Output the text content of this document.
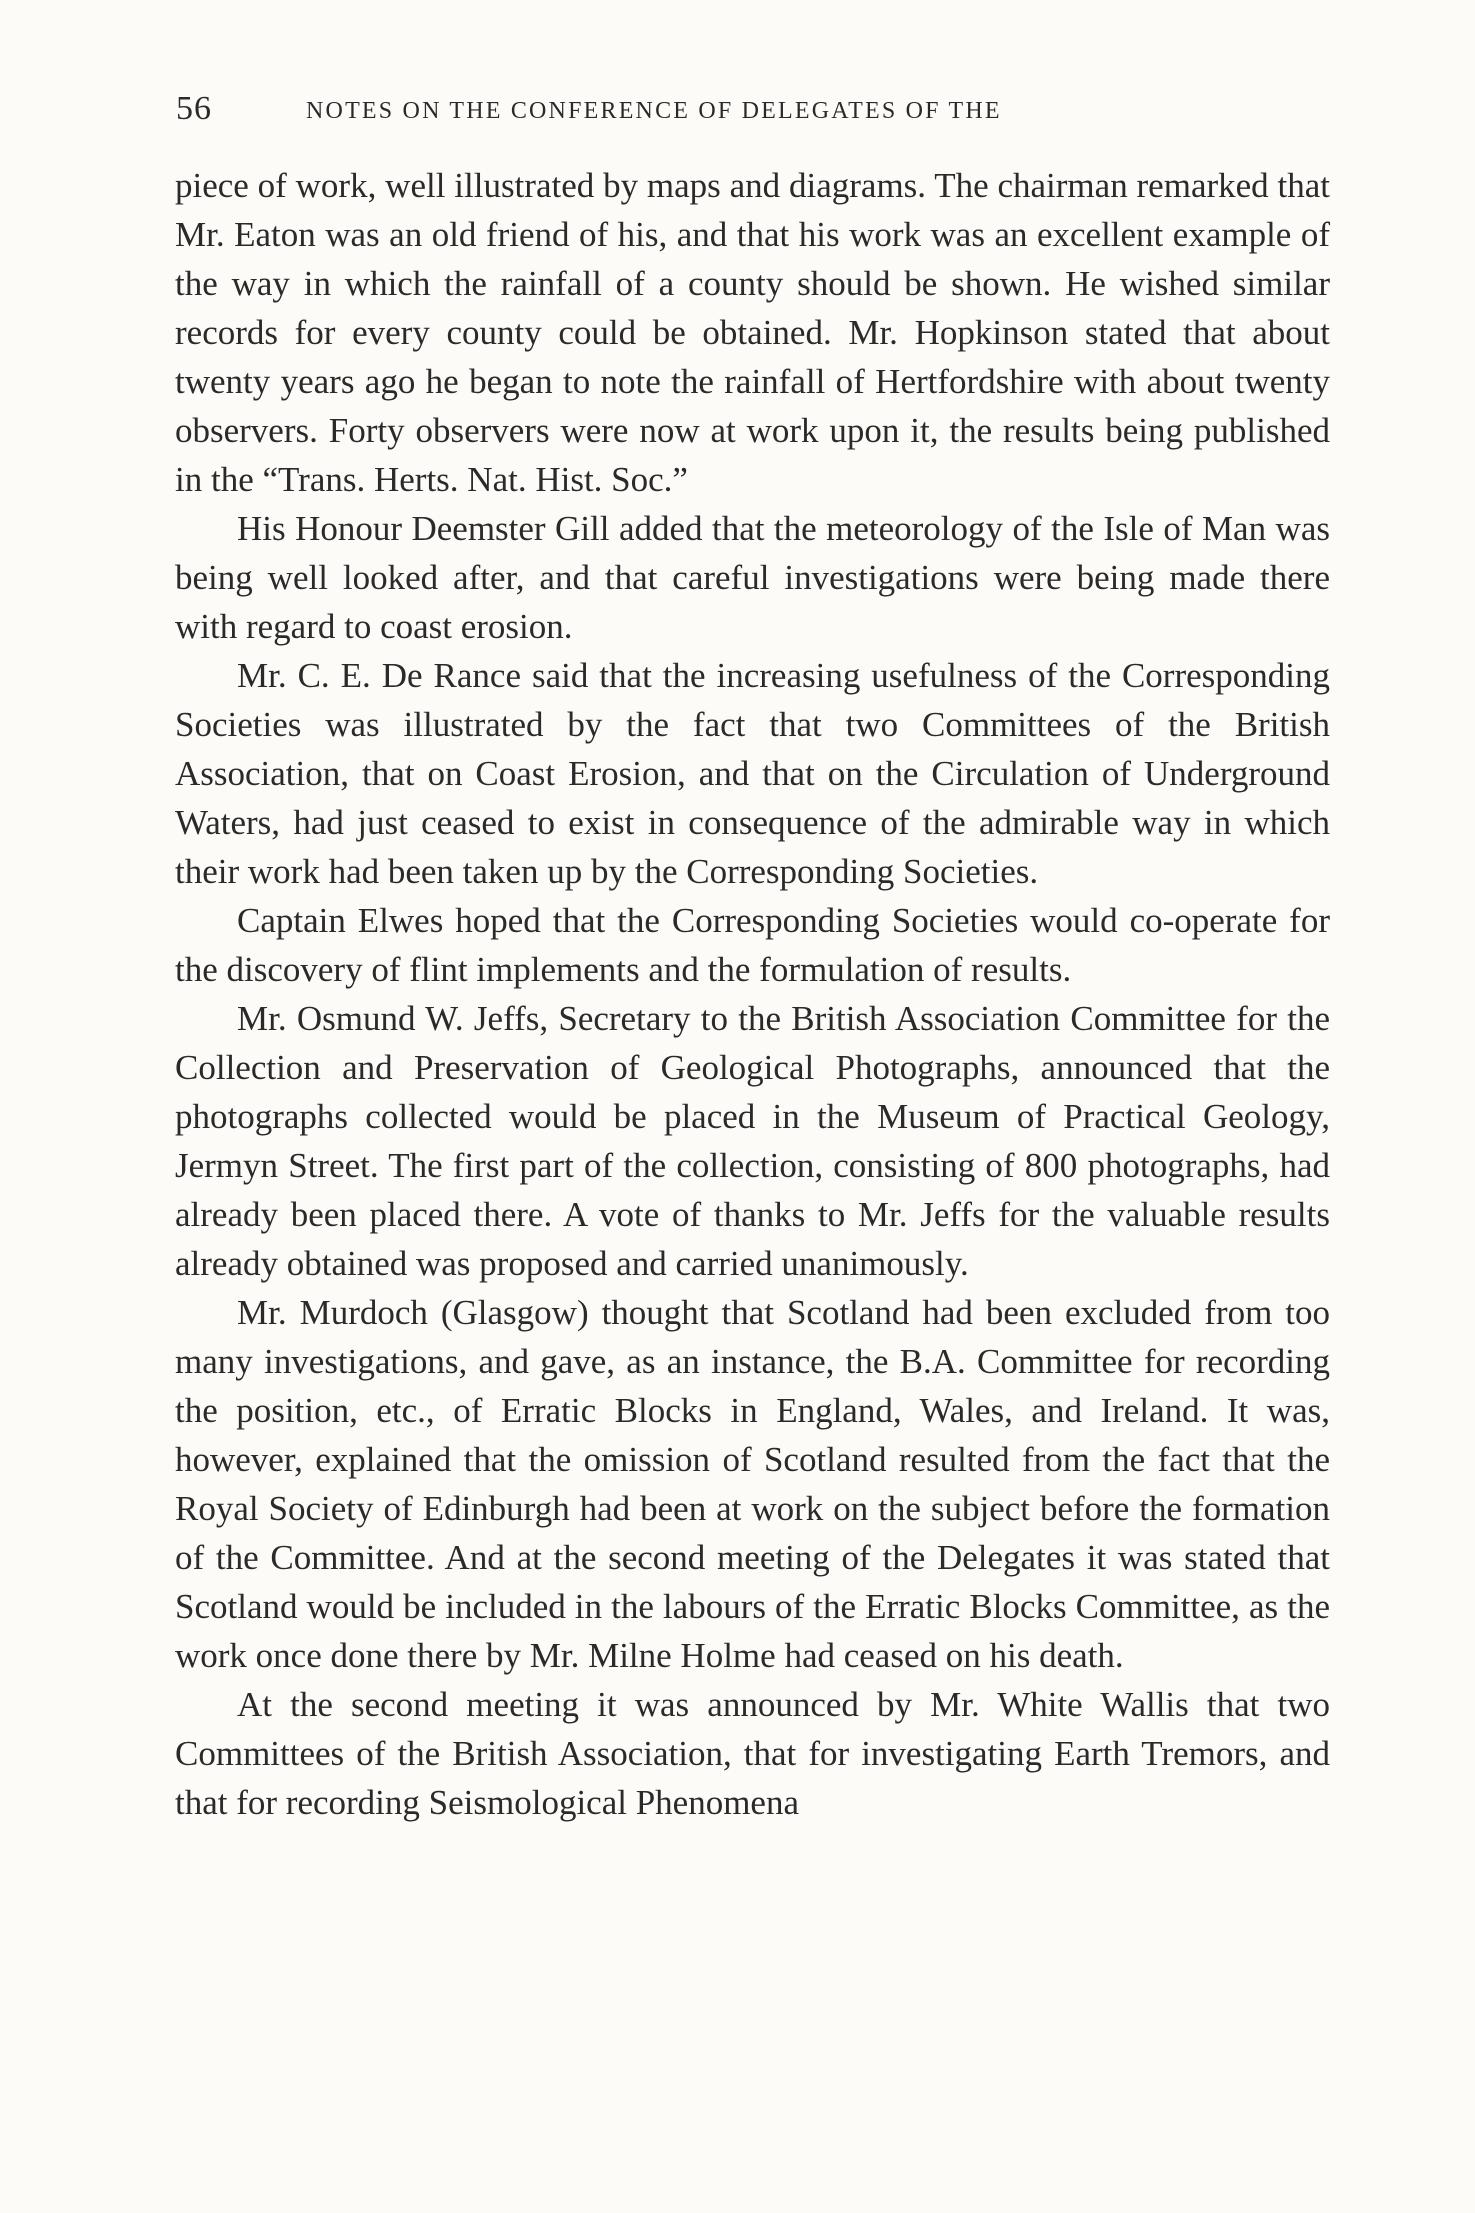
56	NOTES ON THE CONFERENCE OF DELEGATES OF THE

piece of work, well illustrated by maps and diagrams. The chairman remarked that Mr. Eaton was an old friend of his, and that his work was an excellent example of the way in which the rainfall of a county should be shown. He wished similar records for every county could be obtained. Mr. Hopkinson stated that about twenty years ago he began to note the rainfall of Hertfordshire with about twenty observers. Forty observers were now at work upon it, the results being published in the “Trans. Herts. Nat. Hist. Soc.”

His Honour Deemster Gill added that the meteorology of the Isle of Man was being well looked after, and that careful investigations were being made there with regard to coast erosion.

Mr. C. E. De Rance said that the increasing usefulness of the Corresponding Societies was illustrated by the fact that two Committees of the British Association, that on Coast Erosion, and that on the Circulation of Underground Waters, had just ceased to exist in consequence of the admirable way in which their work had been taken up by the Corresponding Societies.

Captain Elwes hoped that the Corresponding Societies would co-operate for the discovery of flint implements and the formulation of results.

Mr. Osmund W. Jeffs, Secretary to the British Association Committee for the Collection and Preservation of Geological Photographs, announced that the photographs collected would be placed in the Museum of Practical Geology, Jermyn Street. The first part of the collection, consisting of 800 photographs, had already been placed there. A vote of thanks to Mr. Jeffs for the valuable results already obtained was proposed and carried unanimously.

Mr. Murdoch (Glasgow) thought that Scotland had been excluded from too many investigations, and gave, as an instance, the B.A. Committee for recording the position, etc., of Erratic Blocks in England, Wales, and Ireland. It was, however, explained that the omission of Scotland resulted from the fact that the Royal Society of Edinburgh had been at work on the subject before the formation of the Committee. And at the second meeting of the Delegates it was stated that Scotland would be included in the labours of the Erratic Blocks Committee, as the work once done there by Mr. Milne Holme had ceased on his death.

At the second meeting it was announced by Mr. White Wallis that two Committees of the British Association, that for investigating Earth Tremors, and that for recording Seismological Phenomena
